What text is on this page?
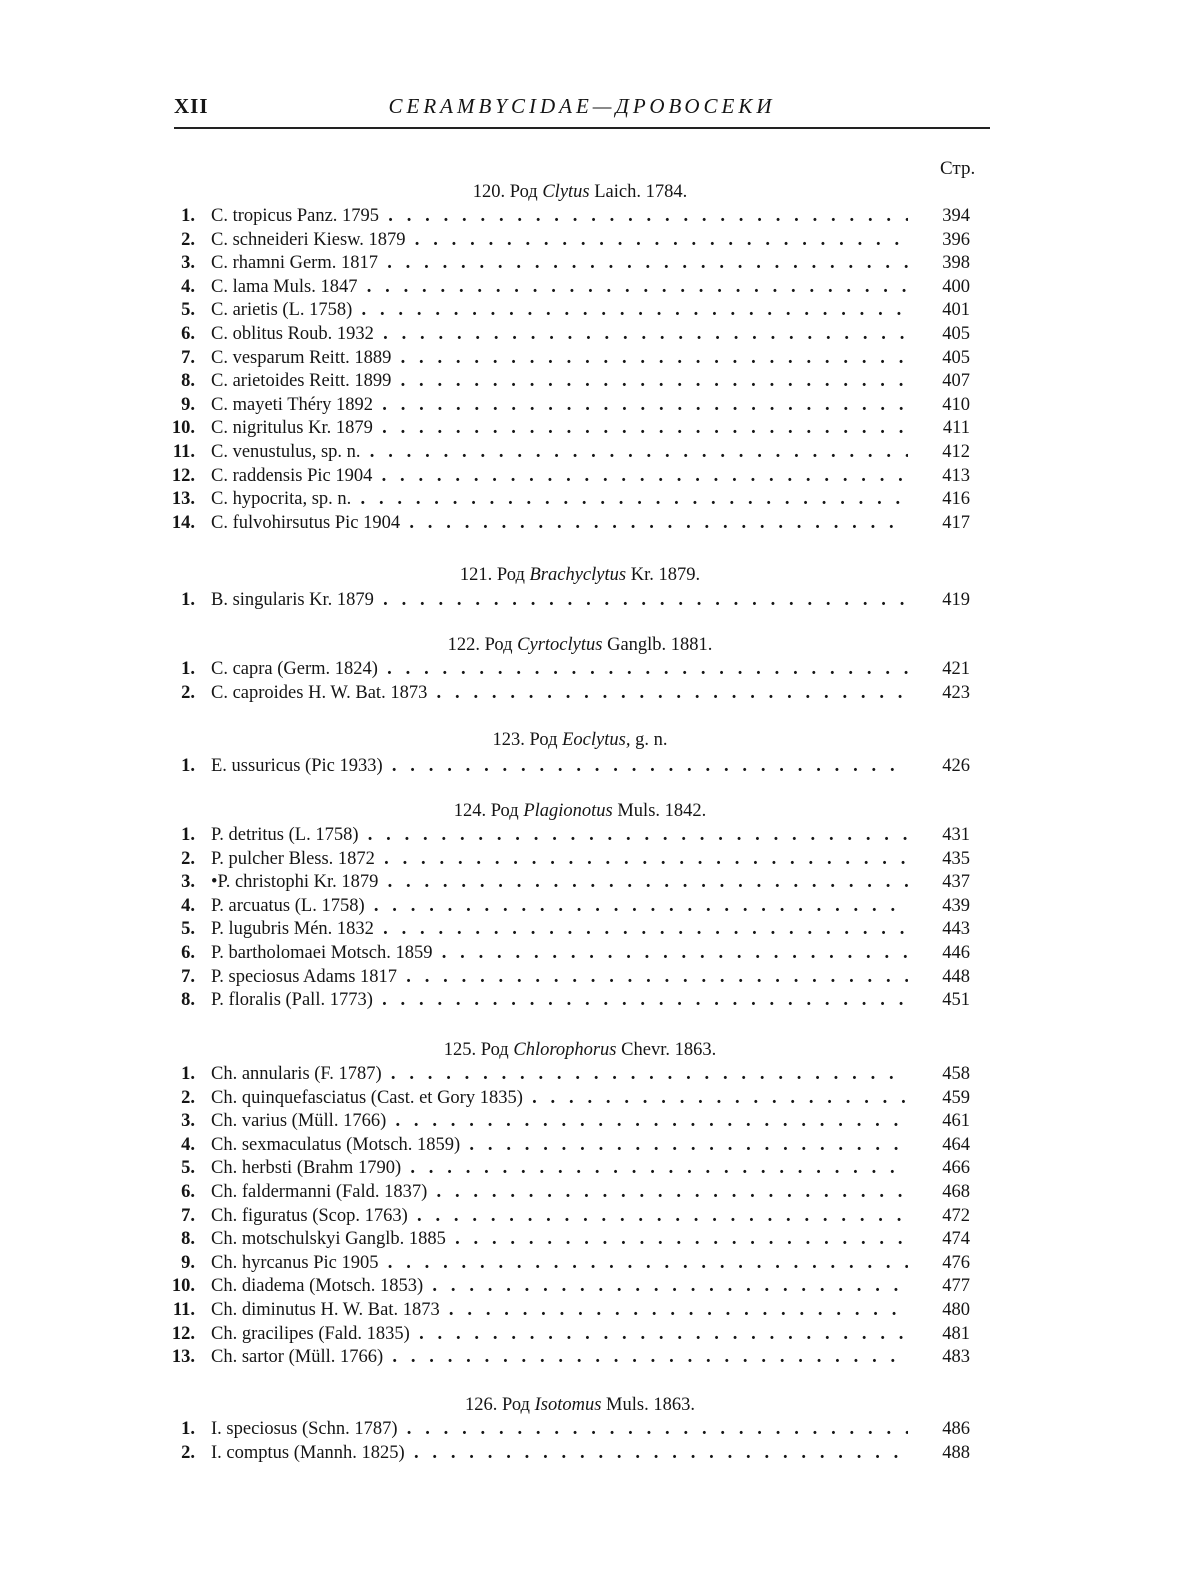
XII	CERAMBYCIDAE—ДРОВОСЕКИ
Стр.
120. Род Clytus Laich. 1784.
1. C. tropicus Panz. 1795 . . .	394
2. C. schneideri Kiesw. 1879 . . .	396
3. C. rhamni Germ. 1817 . . .	398
4. C. lama Muls. 1847 . . .	400
5. C. arietis (L. 1758) . . .	401
6. C. oblitus Roub. 1932 . . .	405
7. C. vesparum Reitt. 1889 . . .	405
8. C. arietoides Reitt. 1899 . . .	407
9. C. mayeti Théry 1892 . . .	410
10. C. nigritulus Kr. 1879 . . .	411
11. C. venustulus, sp. n. . . .	412
12. C. raddensis Pic 1904 . . .	413
13. C. hypocrita, sp. n. . . .	416
14. C. fulvohirsutus Pic 1904 . . .	417
121. Род Brachyclytus Kr. 1879.
1. B. singularis Kr. 1879 . . .	419
122. Род Cyrtoclytus Ganglb. 1881.
1. C. capra (Germ. 1824) . . .	421
2. C. caproides H. W. Bat. 1873 . . .	423
123. Род Eoclytus, g. n.
1. E. ussuricus (Pic 1933) . . .	426
124. Род Plagionotus Muls. 1842.
1. P. detritus (L. 1758) . . .	431
2. P. pulcher Bless. 1872 . . .	435
3. •P. christophi Kr. 1879 . . .	437
4. P. arcuatus (L. 1758) . . .	439
5. P. lugubris Mén. 1832 . . .	443
6. P. bartholomaei Motsch. 1859 . . .	446
7. P. speciosus Adams 1817 . . .	448
8. P. floralis (Pall. 1773) . . .	451
125. Род Chlorophorus Chevr. 1863.
1. Ch. annularis (F. 1787) . . .	458
2. Ch. quinquefasciatus (Cast. et Gory 1835) . . .	459
3. Ch. varius (Müll. 1766) . . .	461
4. Ch. sexmaculatus (Motsch. 1859) . . .	464
5. Ch. herbsti (Brahm 1790) . . .	466
6. Ch. faldermanni (Fald. 1837) . . .	468
7. Ch. figuratus (Scop. 1763) . . .	472
8. Ch. motschulskyi Ganglb. 1885 . . .	474
9. Ch. hyrcanus Pic 1905 . . .	476
10. Ch. diadema (Motsch. 1853) . . .	477
11. Ch. diminutus H. W. Bat. 1873 . . .	480
12. Ch. gracilipes (Fald. 1835) . . .	481
13. Ch. sartor (Müll. 1766) . . .	483
126. Род Isotomus Muls. 1863.
1. I. speciosus (Schn. 1787) . . .	486
2. I. comptus (Mannh. 1825) . . .	488
